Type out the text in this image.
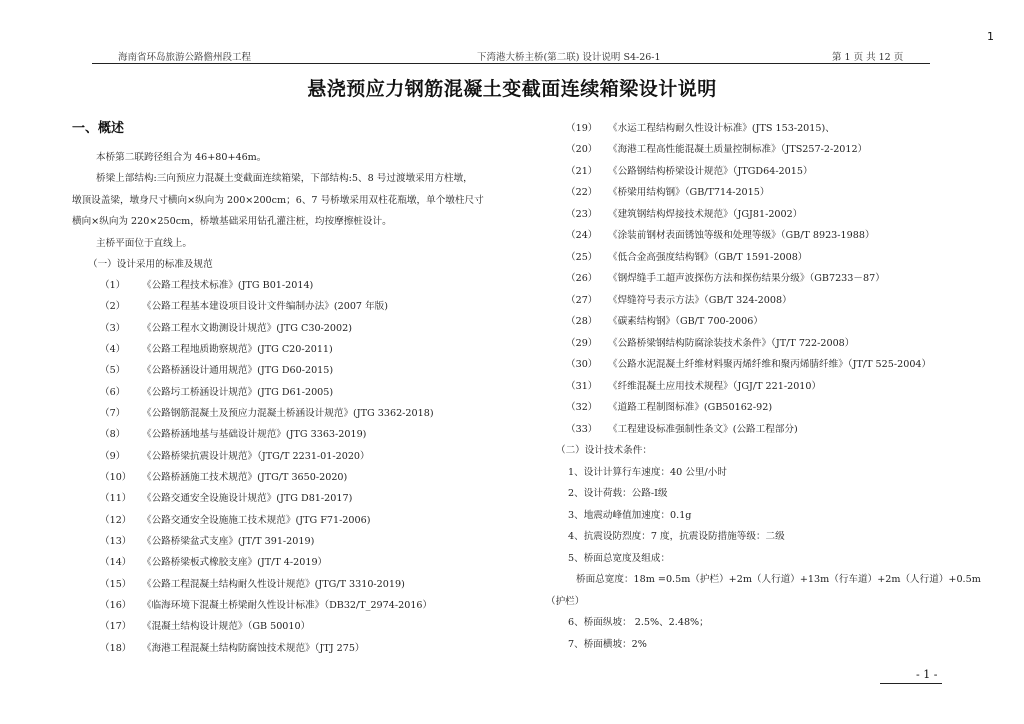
1
海南省环岛旅游公路儋州段工程	下湾港大桥主桥(第二联) 设计说明 S4-26-1	第 1 页 共 12 页
悬浇预应力钢筋混凝土变截面连续箱梁设计说明
一、概述
本桥第二联跨径组合为 46+80+46m。
桥梁上部结构:三向预应力混凝土变截面连续箱梁，下部结构:5、8 号过渡墩采用方柱墩，
墩顶设盖梁，墩身尺寸横向×纵向为 200×200cm；6、7 号桥墩采用双柱花瓶墩，单个墩柱尺寸
横向×纵向为 220×250cm，桥墩基础采用钻孔灌注桩，均按摩擦桩设计。
主桥平面位于直线上。
（一）设计采用的标准及规范
（1） 《公路工程技术标准》(JTG B01-2014)
（2） 《公路工程基本建设项目设计文件编制办法》(2007 年版)
（3） 《公路工程水文勘测设计规范》(JTG C30-2002)
（4） 《公路工程地质勘察规范》(JTG C20-2011)
（5） 《公路桥涵设计通用规范》(JTG D60-2015)
（6） 《公路圬工桥涵设计规范》(JTG D61-2005)
（7） 《公路钢筋混凝土及预应力混凝土桥涵设计规范》(JTG 3362-2018)
（8） 《公路桥涵地基与基础设计规范》(JTG 3363-2019)
（9） 《公路桥梁抗震设计规范》（JTG/T 2231-01-2020）
（10） 《公路桥涵施工技术规范》(JTG/T 3650-2020)
（11） 《公路交通安全设施设计规范》(JTG D81-2017)
（12） 《公路交通安全设施施工技术规范》(JTG F71-2006)
（13） 《公路桥梁盆式支座》(JT/T 391-2019)
（14） 《公路桥梁板式橡胶支座》(JT/T 4-2019）
（15） 《公路工程混凝土结构耐久性设计规范》(JTG/T 3310-2019)
（16） 《临海环境下混凝土桥梁耐久性设计标准》（DB32/T_2974-2016）
（17） 《混凝土结构设计规范》（GB 50010）
（18） 《海港工程混凝土结构防腐蚀技术规范》（JTJ 275）
（19） 《水运工程结构耐久性设计标准》(JTS 153-2015)、
（20） 《海港工程高性能混凝土质量控制标准》（JTS257-2-2012）
（21） 《公路钢结构桥梁设计规范》（JTGD64-2015）
（22） 《桥梁用结构钢》（GB/T714-2015）
（23） 《建筑钢结构焊接技术规范》（JGJ81-2002）
（24） 《涂装前钢材表面锈蚀等级和处理等级》（GB/T 8923-1988）
（25） 《低合金高强度结构钢》（GB/T 1591-2008）
（26） 《钢焊缝手工超声波探伤方法和探伤结果分级》（GB7233－87）
（27） 《焊缝符号表示方法》（GB/T 324-2008）
（28） 《碳素结构钢》（GB/T 700-2006）
（29） 《公路桥梁钢结构防腐涂装技术条件》（JT/T 722-2008）
（30） 《公路水泥混凝土纤维材料聚丙烯纤维和聚丙烯腈纤维》（JT/T 525-2004）
（31） 《纤维混凝土应用技术规程》（JGJ/T 221-2010）
（32） 《道路工程制图标准》(GB50162-92)
（33） 《工程建设标准强制性条文》(公路工程部分)
（二）设计技术条件：
1、设计计算行车速度：40 公里/小时
2、设计荷载：公路-Ⅰ级
3、地震动峰值加速度：0.1g
4、抗震设防烈度：7 度，抗震设防措施等级：二级
5、桥面总宽度及组成：
桥面总宽度：18m =0.5m（护栏）+2m（人行道）+13m（行车道）+2m（人行道）+0.5m
（护栏）
6、桥面纵坡： 2.5%、2.48%；
7、桥面横坡：2%
- 1 -
